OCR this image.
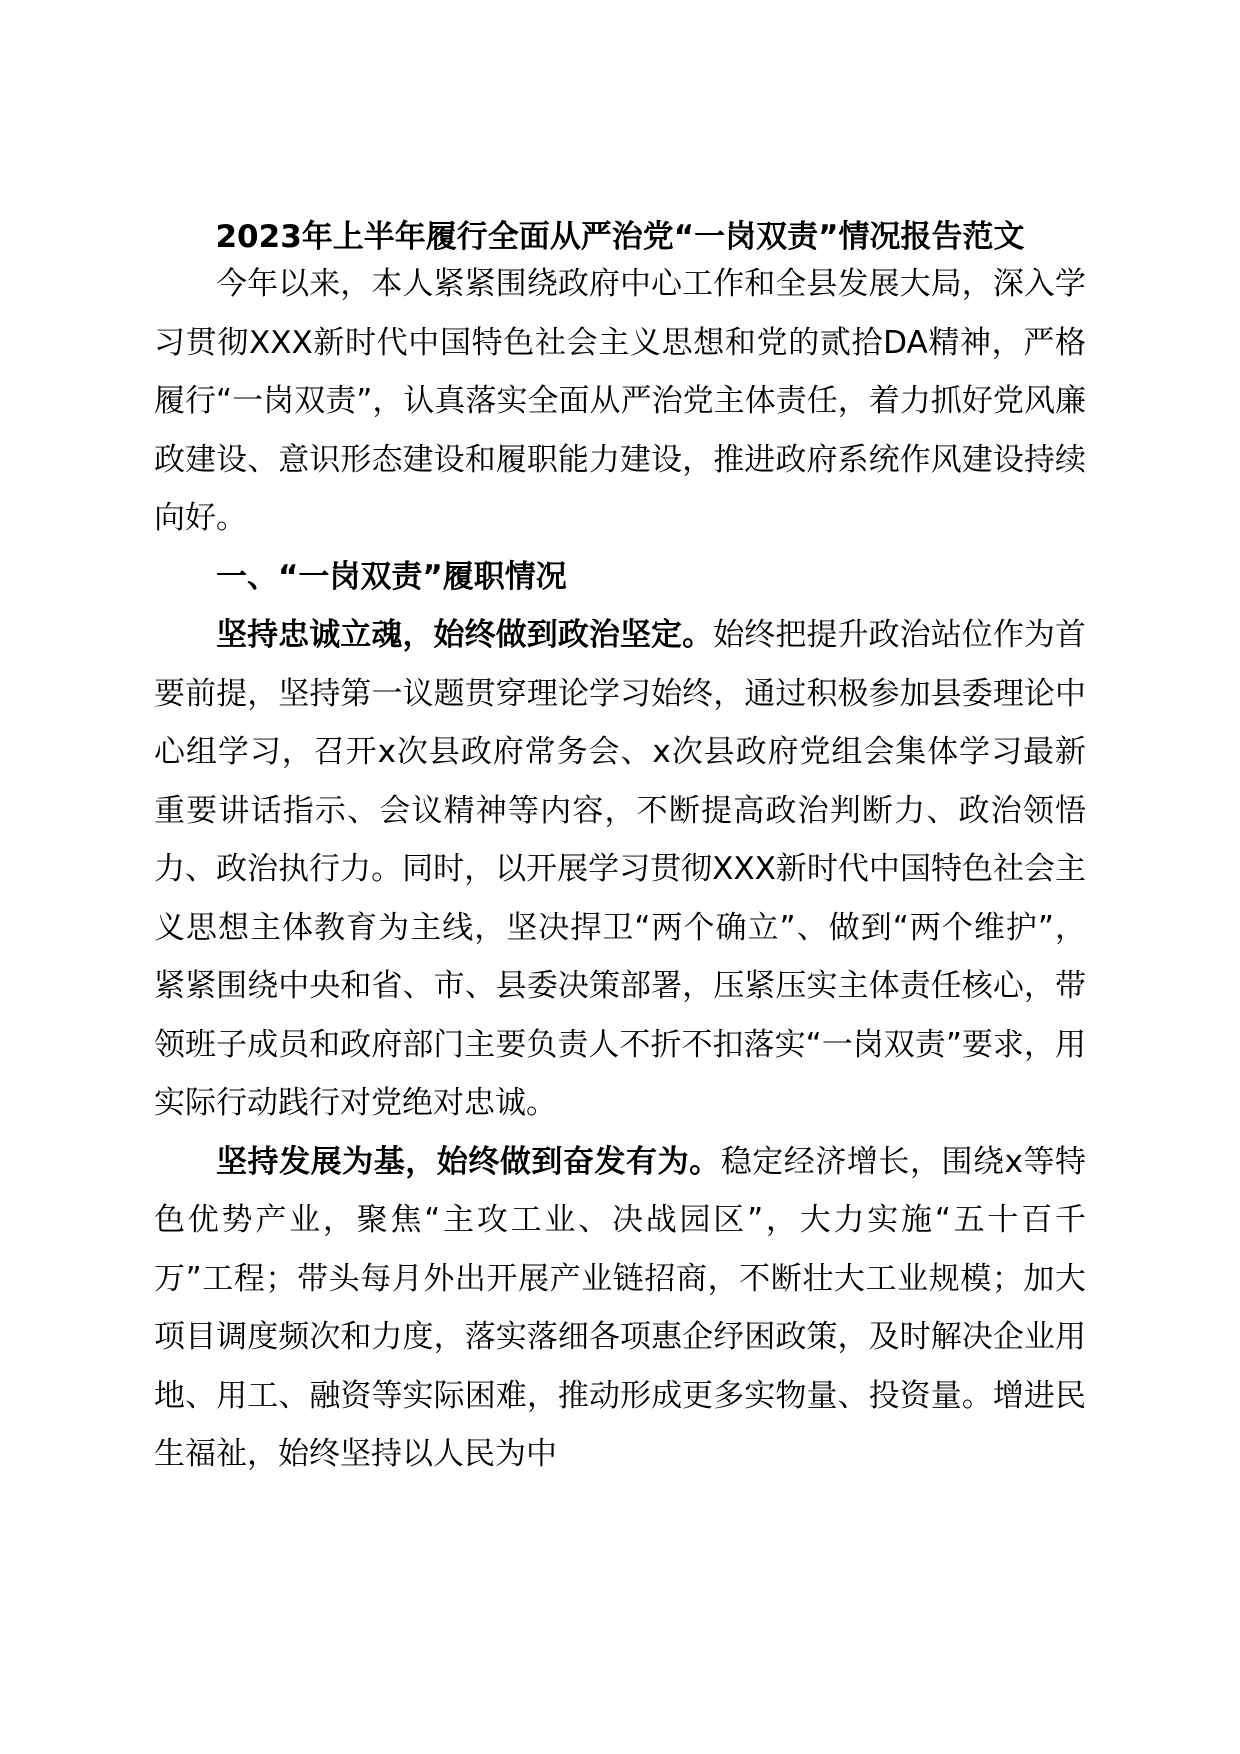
2023年上半年履行全面从严治党“一岗双责”情况报告范文

今年以来，本人紧紧围绕政府中心工作和全县发展大局，深入学习贯彻XXX新时代中国特色社会主义思想和党的贰拾DA精神，严格履行“一岗双责”，认真落实全面从严治党主体责任，着力抓好党风廉政建设、意识形态建设和履职能力建设，推进政府系统作风建设持续向好。

一、“一岗双责”履职情况

坚持忠诚立魂，始终做到政治坚定。始终把提升政治站位作为首要前提，坚持第一议题贯穿理论学习始终，通过积极参加县委理论中心组学习，召开x次县政府常务会、x次县政府党组会集体学习最新重要讲话指示、会议精神等内容，不断提高政治判断力、政治领悟力、政治执行力。同时，以开展学习贯彻XXX新时代中国特色社会主义思想主体教育为主线，坚决捍卫“两个确立”、做到“两个维护”，紧紧围绕中央和省、市、县委决策部署，压紧压实主体责任核心，带领班子成员和政府部门主要负责人不折不扣落实“一岗双责”要求，用实际行动践行对党绝对忠诚。

坚持发展为基，始终做到奋发有为。稳定经济增长，围绕x等特色优势产业，聚焦“主攻工业、决战园区”，大力实施“五十百千万”工程；带头每月外出开展产业链招商，不断壮大工业规模；加大项目调度频次和力度，落实落细各项惠企纾困政策，及时解决企业用地、用工、融资等实际困难，推动形成更多实物量、投资量。增进民生福祉，始终坚持以人民为中
